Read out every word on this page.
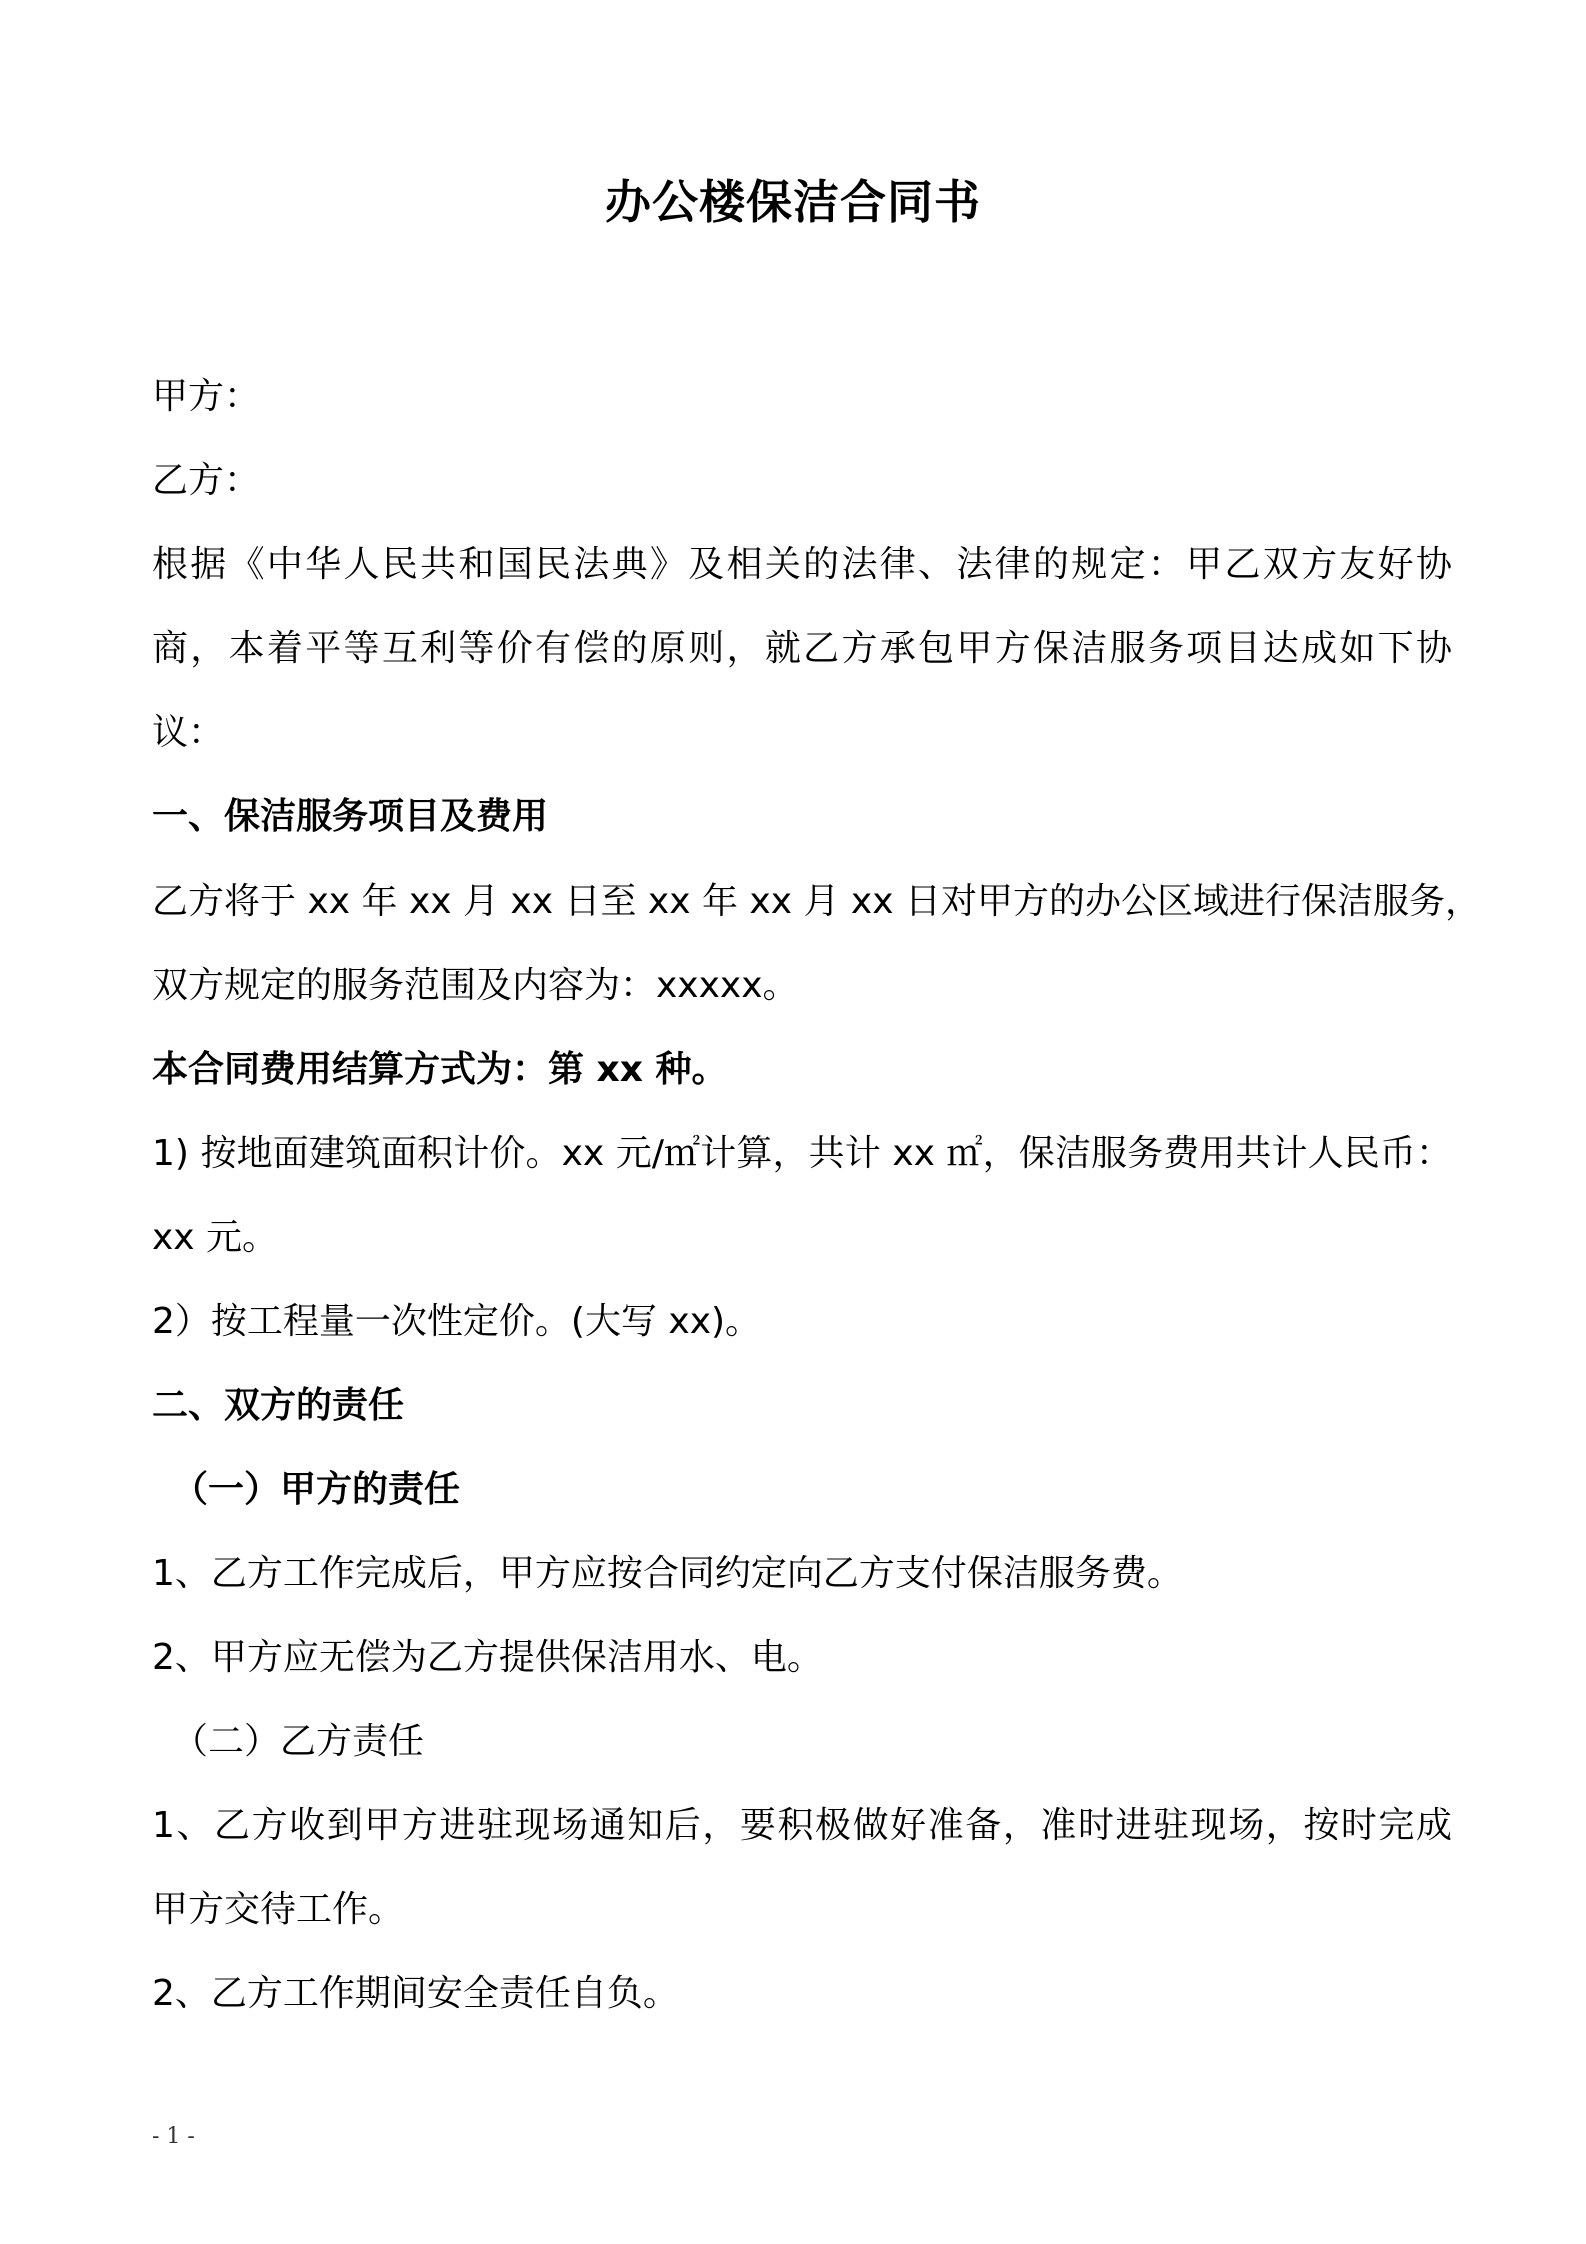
办公楼保洁合同书
甲方：
乙方：
根据《中华人民共和国民法典》及相关的法律、法律的规定：甲乙双方友好协
商，本着平等互利等价有偿的原则，就乙方承包甲方保洁服务项目达成如下协
议：
一、保洁服务项目及费用
乙方将于 xx 年 xx 月 xx 日至 xx 年 xx 月 xx 日对甲方的办公区域进行保洁服务，
双方规定的服务范围及内容为：xxxxx。
本合同费用结算方式为：第 xx 种。
1) 按地面建筑面积计价。xx 元/㎡计算，共计 xx ㎡，保洁服务费用共计人民币：
xx 元。
2）按工程量一次性定价。(大写 xx)。
二、双方的责任
（一）甲方的责任
1、乙方工作完成后，甲方应按合同约定向乙方支付保洁服务费。
2、甲方应无偿为乙方提供保洁用水、电。
（二）乙方责任
1、乙方收到甲方进驻现场通知后，要积极做好准备，准时进驻现场，按时完成
甲方交待工作。
2、乙方工作期间安全责任自负。
- 1 -
